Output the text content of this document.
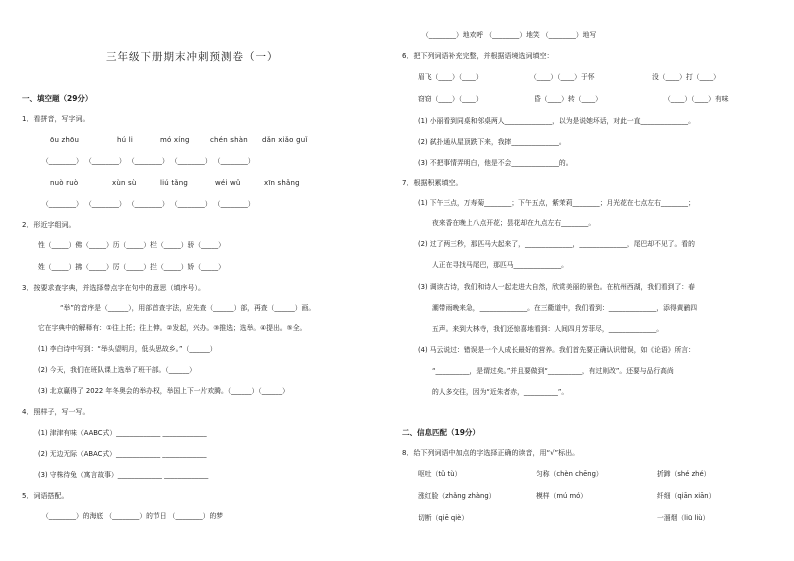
三年级下册期末冲刺预测卷（一）
一、填空题（29分）
1．看拼音，写字词。
ōu zhōu	hú li	mó xíng	chén shàn dǎn xiǎo guǐ
（________） （________） （________） （________） （________）
nuò ruò	xùn sù	liú tǎng	wéi wǔ	xīn shǎng
（________） （________） （________） （________） （________）
2．形近字组词。
性（_____）佛（_____）历（_____）栏（_____）骄（_____）
姓（_____）拂（_____）厉（_____）拦（_____）娇（_____）
3．按要求查字典，并选择带点字在句中的意思（填序号）。
“举”的音序是（______），用部首查字法，应先查（______）部，再查（______）画。
它在字典中的解释有：①往上托；往上伸。②发起，兴办。③推选；选举。④提出。⑤全。
(1) 李白诗中写到：“举头望明月，低头思故乡。”（______）
(2) 今天，我们在班队课上选举了班干部。（______）
(3) 北京赢得了 2022 年冬奥会的举办权，举国上下一片欢腾。（______）（______）
4．照样子，写一写。
(1) 津津有味（AABC式）_____________ _____________
(2) 无边无际（ABAC式）_____________ _____________
(3) 守株待兔（寓言故事）_____________ _____________
5．词语搭配。
（________）的海底 （________）的节日 （________）的梦
（________）地欢呼 （________）地笑 （________）地写
6．把下列词语补充完整，并根据语境选词填空：
眉飞（____）（____）	（____）（____）于怀	没（____）打（____）
窃窃（____）（____）	昏（____）转（____）	（____）（____）有味
(1) 小丽看到同桌和邻桌两人______________，以为是说她坏话，对此一直______________。
(2) 弑扑通从屋顶跌下来，我摔______________。
(3) 不把事情弄明白，他是不会______________的。
7．根据积累填空。
(1) 下午三点，万寿菊________；下午五点，紫茉莉________；月光花在七点左右________；
夜来香在晚上八点开花；昙花却在九点左右________。
(2) 过了两三秒，那匹马大起来了，______________，______________，尾巴却不见了。看的
人正在寻找马尾巴，那匹马______________。
(3) 调读古诗，我们和诗人一起走进大自然，欣赏美丽的景色。在杭州西湖，我们看到了：春
潮带雨晚来急，______________。在三衢道中，我们看到：______________，添得黄鹂四
五声。来到大林寺，我们还惊喜地看到：人间四月芳菲尽，______________。
(4) 马云说过：错误是一个人成长最好的营养。我们首先要正确认识错误，如《论语》所言：
“__________，是谓过矣。”并且要做到“__________，有过则改”。还要与品行高尚
的人多交往，因为“近朱者赤，__________”。
二、信息匹配（19分）
8．给下列词语中加点的字选择正确的读音，用“√”标出。
呕吐（tǔ tù）	匀称（chèn chēng）	折蹄（shé zhé）
涨红脸（zhǎng zhàng）	模样（mú mó）	纤细（qiān xiān）
切断（qiē qiè）	一溜烟（liū liù）
